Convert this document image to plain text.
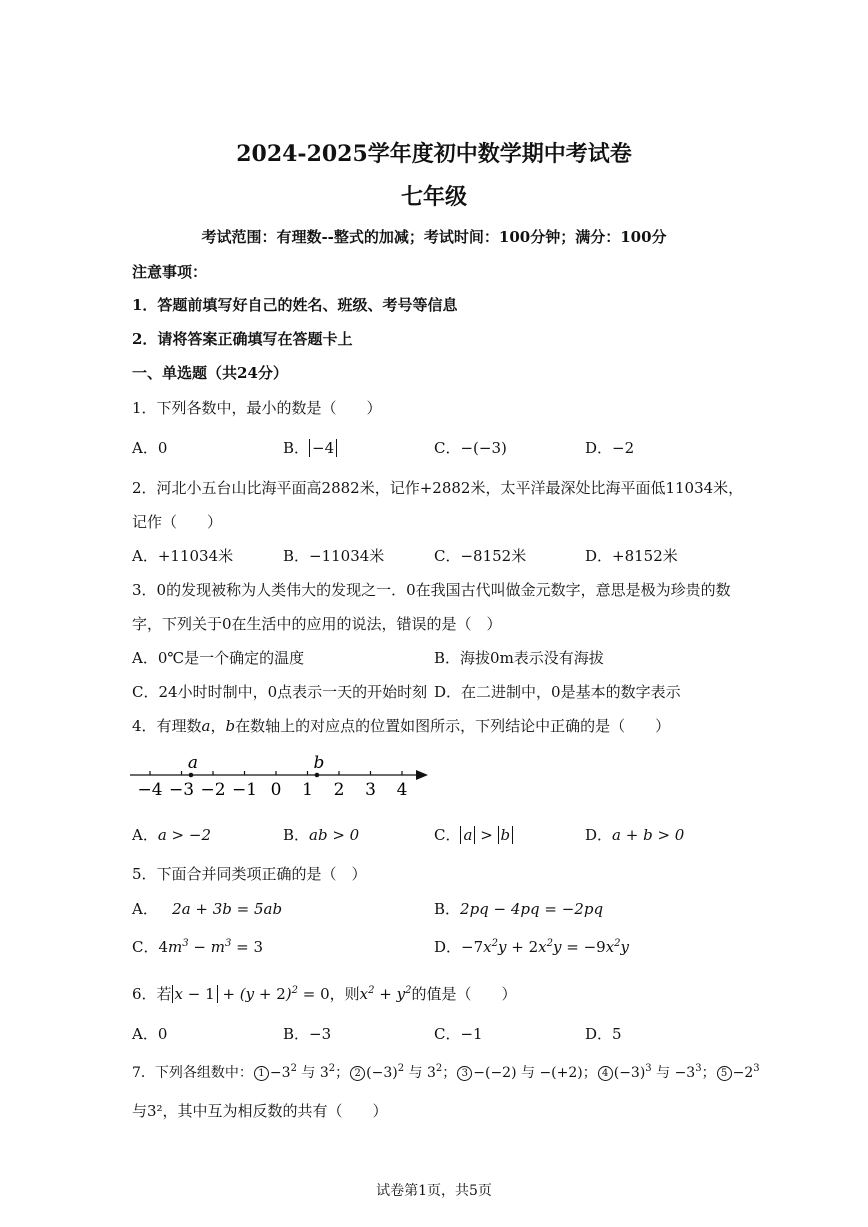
2024-2025学年度初中数学期中考试卷
七年级
考试范围：有理数--整式的加减；考试时间：100分钟；满分：100分
注意事项：
1．答题前填写好自己的姓名、班级、考号等信息
2．请将答案正确填写在答题卡上
一、单选题（共24分）
1．下列各数中，最小的数是（　　）
A．0	B． −4	C．−(−3)	D．−2
2．河北小五台山比海平面高2882米，记作+2882米，太平洋最深处比海平面低11034米，
记作（　　）
A．+11034米	B．−11034米	C．−8152米	D．+8152米
3．0的发现被称为人类伟大的发现之一．0在我国古代叫做金元数字，意思是极为珍贵的数
字，下列关于0在生活中的应用的说法，错误的是（　）
A．0℃是一个确定的温度	B．海拔0m表示没有海拔
C．24小时时制中，0点表示一天的开始时刻 D．在二进制中，0是基本的数字表示
4．有理数a，b在数轴上的对应点的位置如图所示，下列结论中正确的是（　　）
−4 −3 −2 −1 0 1 2 3 4
a	b
A．a > −2	B．ab > 0	C． a > b	D．a + b > 0
5．下面合并同类项正确的是（　）
A． 2a + 3b = 5ab	B．2pq − 4pq = −2pq
C．$4m^3 - m^3 = 3$	D．$-7x^2y + 2x^2y = -9x^2y$
6．若 $x - 1 + (y + 2)^2 = 0$，则$x^2 + y^2$的值是（　　）
A．0	B．−3	C．−1	D．5
7．下列各组数中： $1 -3^2$ 与 $3^2$； 2 $(-3)^2$ 与 $3^2$； 3 −(−2) 与 −(+2)； 4 $(-3)^3$ 与 $-3^3$； $5 -2^3$
与3²，其中互为相反数的共有（　　）
试卷第1页，共5页
